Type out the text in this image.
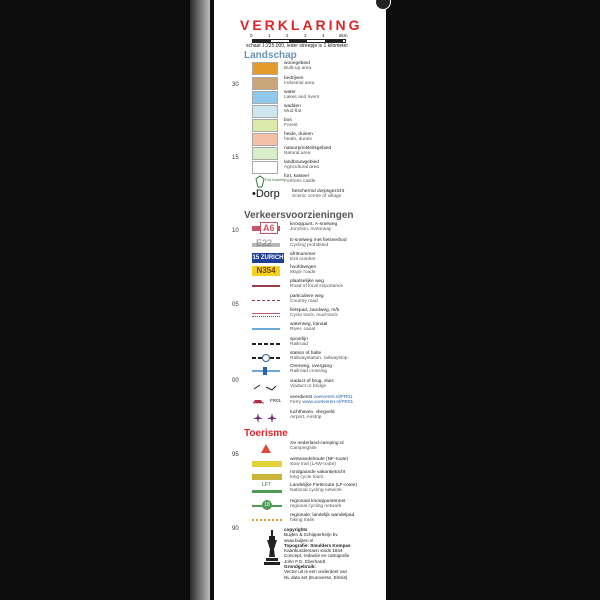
30
15
10
05
00
95
90
VERKLARING
0	1	2	3	4	5km
schaal 1:225.000, ieder streepje is 1 kilometer
Landschap
woongebied
Built-up area
bedrijven
Industrial area
water
Lakes and rivers
wadden
Mud-flat
bos
Forest
heide, duinen
heath, dunes
natuurpriotiteitsgebied
Natural area
landbouwgebied
Agricultural area
Fort Kasteel
fort, kasteel
Fortress castle
•Dorp	beschermd dorpsgezicht
Scenic centre of village
Verkeersvoorzieningen
A6	knooppunt, A-snelweg
Junction, motorway
E22	E-snelweg met fietsverbod
Cycling prohibited
15 ZURICH
afritnummer
Exit number
N354	hoofdwegen
Major roads
plaatselijke weg
Road of local importance
particuliere weg
Country road
fietspad, zandweg, m/b
Cycle track, mud-track
waterweg, kanaal
River, canal
spoorlijn
Railroad
station of halte
Railwaystation, railwaystop
Overweg, overgang
Railroad crossing
viaduct of brug, sluis
Viaduct or bridge
FR01
veerdienst voetveren.nl/FR01
Ferry www.voetveren.nl/FR01
luchthaven, vliegveld
Airport, Airstrip
Toerisme
zie nederland-camping.nl
Campingsite
wintwandelroute (NF-route)
slow trail (LAW-route)
rondgaande vakantietocht
long cycle tours
LF7	Landelijke Fietsroute (LF-route)
National cycling network
18
regionaal knooppuntennet
regional cycling network
regionale; landelijk wandelpad
hiking trails
copyrights
Buijten & Schipperheijn bv
www.buijten.nl
Topografie: Smulders Kompas
Kaartkundemann sinds 1844
Concept, redactie en cartografie
John F.G. Eberhardt
Grondgebruik:
Vector uit is een onderdeel van
NL data set (Euroverse, Elnsis)
